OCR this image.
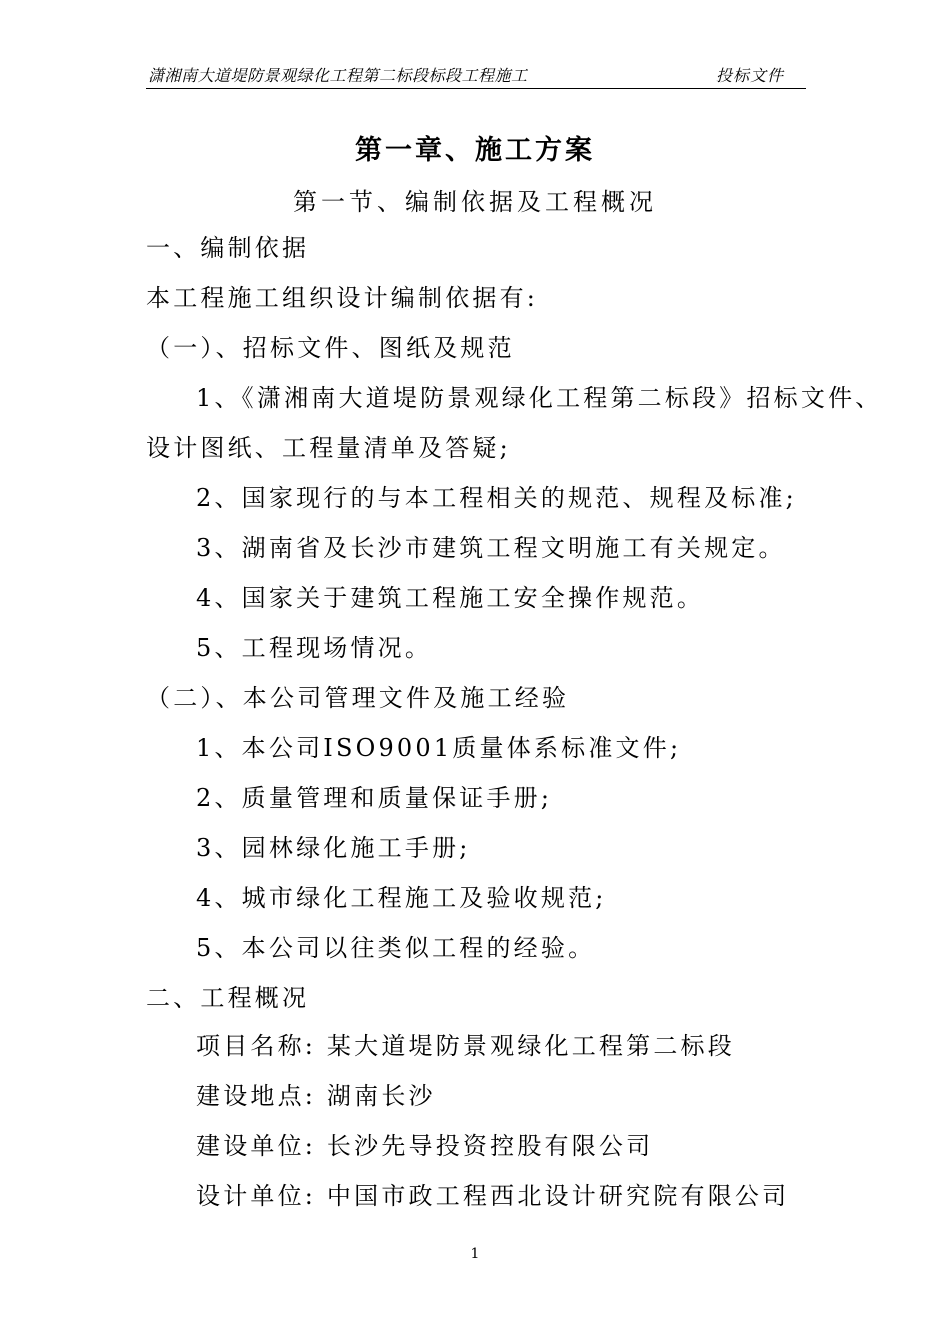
潇湘南大道堤防景观绿化工程第二标段标段工程施工	投标文件
第一章、施工方案
第一节、编制依据及工程概况
一、编制依据
本工程施工组织设计编制依据有:
（一）、招标文件、图纸及规范
1、《潇湘南大道堤防景观绿化工程第二标段》招标文件、
设计图纸、工程量清单及答疑;
2、国家现行的与本工程相关的规范、规程及标准;
3、湖南省及长沙市建筑工程文明施工有关规定。
4、国家关于建筑工程施工安全操作规范。
5、工程现场情况。
（二）、本公司管理文件及施工经验
1、本公司ISO9001质量体系标准文件;
2、质量管理和质量保证手册;
3、园林绿化施工手册;
4、城市绿化工程施工及验收规范;
5、本公司以往类似工程的经验。
二、工程概况
项目名称: 某大道堤防景观绿化工程第二标段
建设地点: 湖南长沙
建设单位: 长沙先导投资控股有限公司
设计单位: 中国市政工程西北设计研究院有限公司
1
